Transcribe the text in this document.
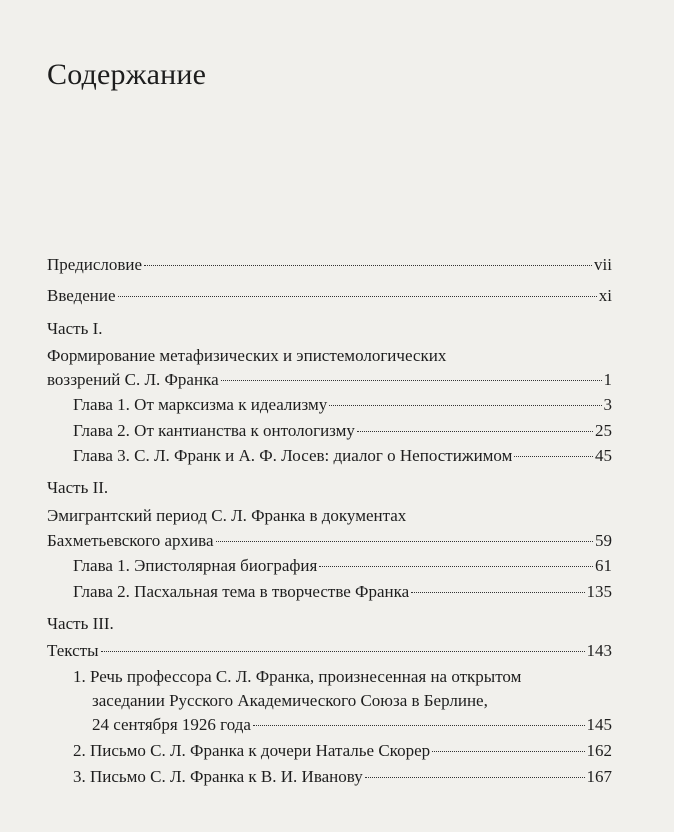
Содержание
Предисловие	vii
Введение	xi
Часть I.
Формирование метафизических и эпистемологических
воззрений С. Л. Франка	1
Глава 1. От марксизма к идеализму	3
Глава 2. От кантианства к онтологизму	25
Глава 3. С. Л. Франк и А. Ф. Лосев: диалог о Непостижимом	45
Часть II.
Эмигрантский период С. Л. Франка в документах
Бахметьевского архива	59
Глава 1. Эпистолярная биография	61
Глава 2. Пасхальная тема в творчестве Франка	135
Часть III.
Тексты	143
1. Речь профессора С. Л. Франка, произнесенная на открытом
заседании Русского Академического Союза в Берлине,
24 сентября 1926 года	145
2. Письмо С. Л. Франка к дочери Наталье Скорер	162
3. Письмо С. Л. Франка к В. И. Иванову	167
